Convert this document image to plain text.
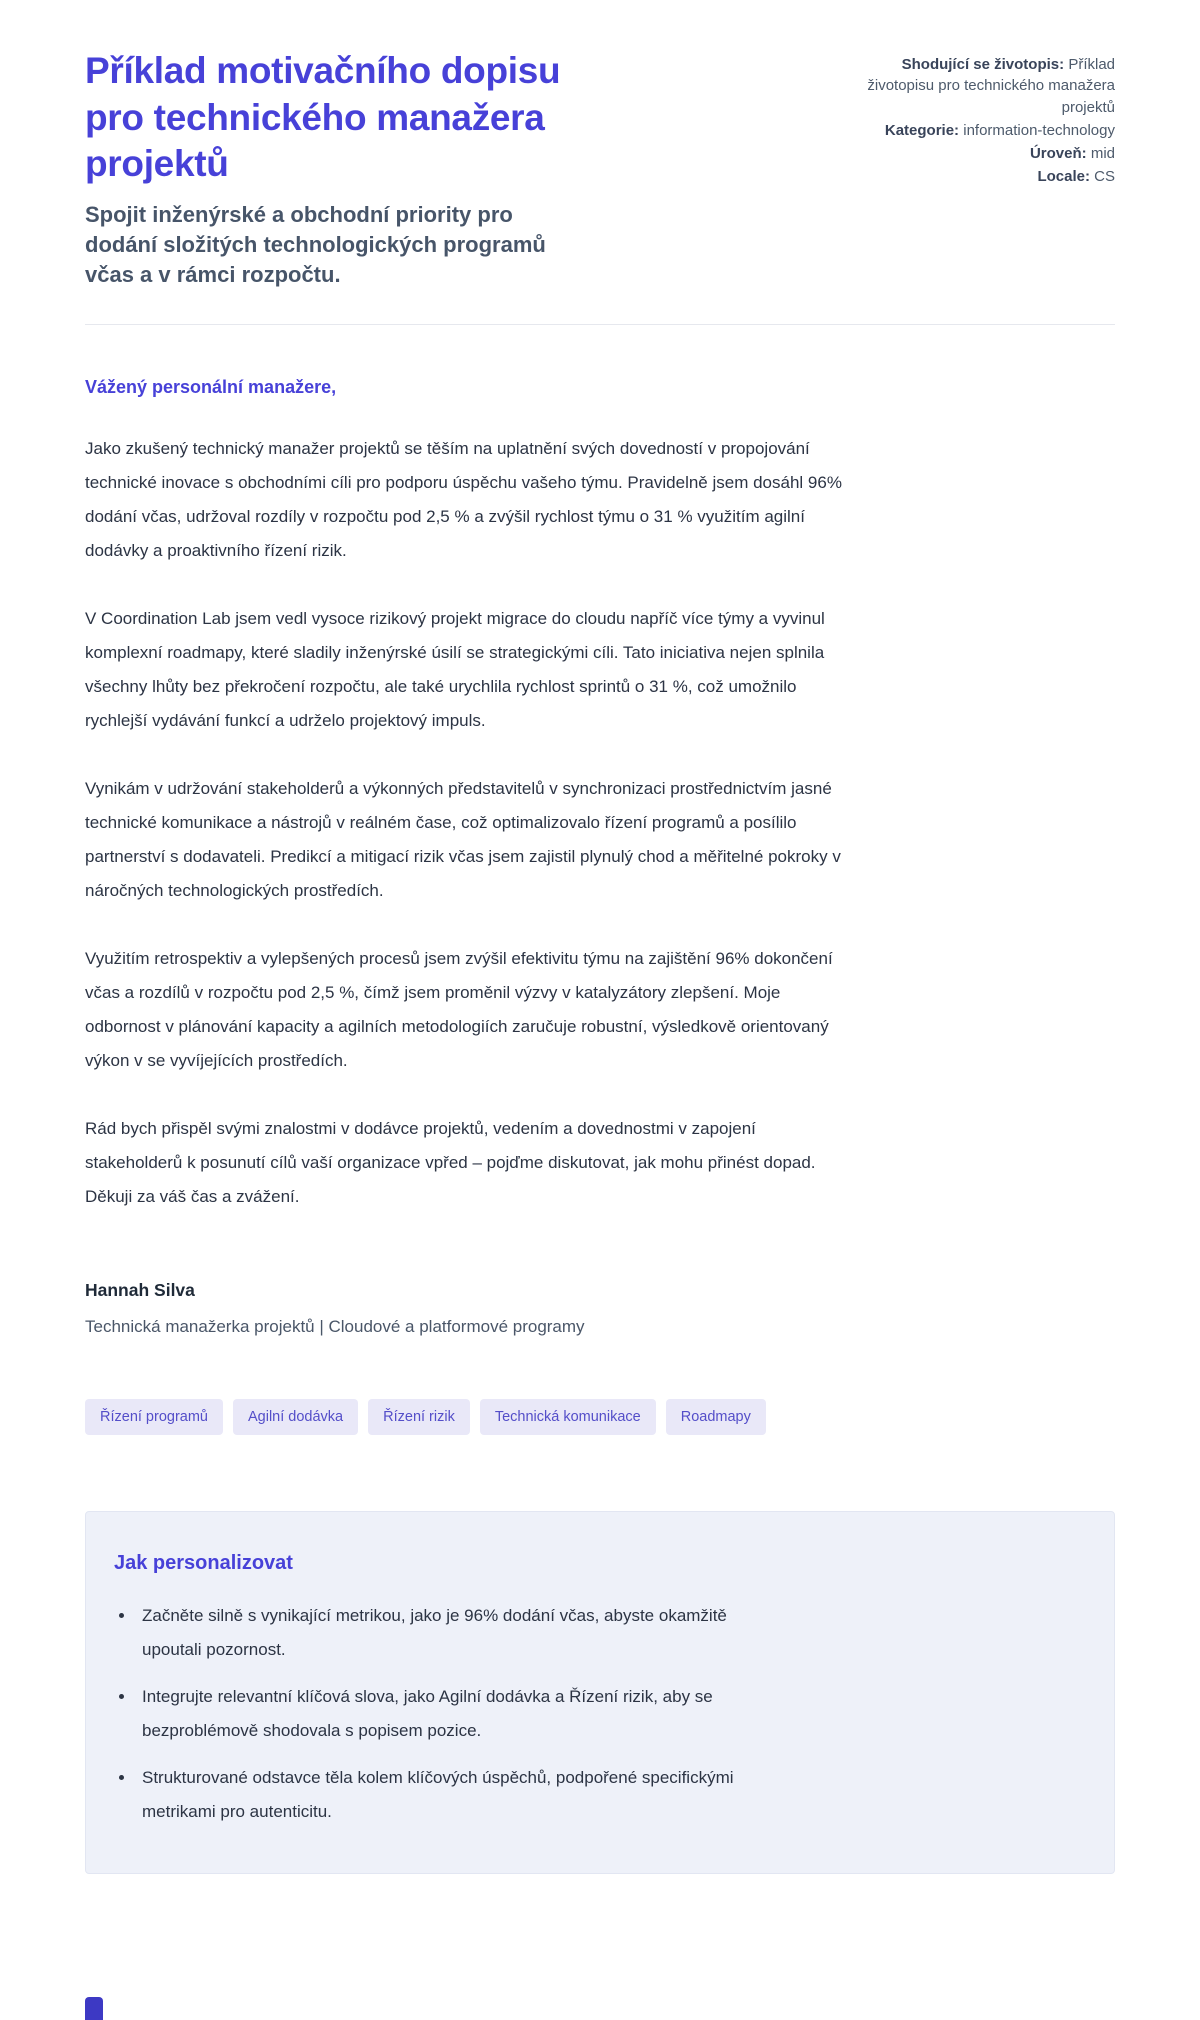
Příklad motivačního dopisu pro technického manažera projektů

Spojit inženýrské a obchodní priority pro dodání složitých technologických programů včas a v rámci rozpočtu.

Shodující se životopis: Příklad životopisu pro technického manažera projektů
Kategorie: information-technology
Úroveň: mid
Locale: CS

Vážený personální manažere,

Jako zkušený technický manažer projektů se těším na uplatnění svých dovedností v propojování technické inovace s obchodními cíli pro podporu úspěchu vašeho týmu. Pravidelně jsem dosáhl 96% dodání včas, udržoval rozdíly v rozpočtu pod 2,5 % a zvýšil rychlost týmu o 31 % využitím agilní dodávky a proaktivního řízení rizik.

V Coordination Lab jsem vedl vysoce rizikový projekt migrace do cloudu napříč více týmy a vyvinul komplexní roadmapy, které sladily inženýrské úsilí se strategickými cíli. Tato iniciativa nejen splnila všechny lhůty bez překročení rozpočtu, ale také urychlila rychlost sprintů o 31 %, což umožnilo rychlejší vydávání funkcí a udrželo projektový impuls.

Vynikám v udržování stakeholderů a výkonných představitelů v synchronizaci prostřednictvím jasné technické komunikace a nástrojů v reálném čase, což optimalizovalo řízení programů a posílilo partnerství s dodavateli. Predikcí a mitigací rizik včas jsem zajistil plynulý chod a měřitelné pokroky v náročných technologických prostředích.

Využitím retrospektiv a vylepšených procesů jsem zvýšil efektivitu týmu na zajištění 96% dokončení včas a rozdílů v rozpočtu pod 2,5 %, čímž jsem proměnil výzvy v katalyzátory zlepšení. Moje odbornost v plánování kapacity a agilních metodologiích zaručuje robustní, výsledkově orientovaný výkon v se vyvíjejících prostředích.

Rád bych přispěl svými znalostmi v dodávce projektů, vedením a dovednostmi v zapojení stakeholderů k posunutí cílů vaší organizace vpřed – pojďme diskutovat, jak mohu přinést dopad. Děkuji za váš čas a zvážení.

Hannah Silva

Technická manažerka projektů | Cloudové a platformové programy

Řízení programů	Agilní dodávka	Řízení rizik	Technická komunikace	Roadmapy
Jak personalizovat
• Začněte silně s vynikající metrikou, jako je 96% dodání včas, abyste okamžitě upoutali pozornost.
• Integrujte relevantní klíčová slova, jako Agilní dodávka a Řízení rizik, aby se bezproblémově shodovala s popisem pozice.
• Strukturované odstavce těla kolem klíčových úspěchů, podpořené specifickými metrikami pro autenticitu.
